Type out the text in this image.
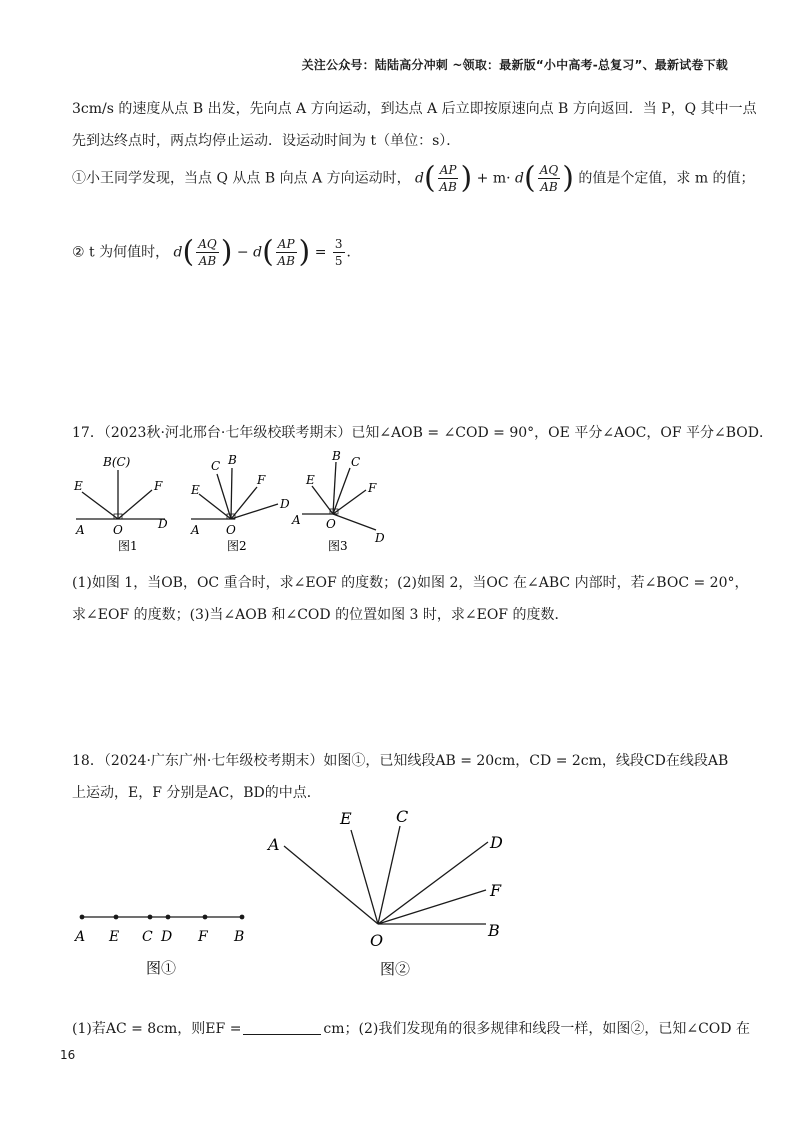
关注公众号：陆陆高分冲刺 ~领取：最新版“小中高考-总复习”、最新试卷下载
3cm/s 的速度从点 B 出发，先向点 A 方向运动，到达点 A 后立即按原速向点 B 方向返回．当 P，Q 其中一点
先到达终点时，两点均停止运动．设运动时间为 t（单位：s）．
①小王同学发现，当点 Q 从点 B 向点 A 方向运动时， $d( \frac{AP}{AB}$ ) + $m\cdot d( \frac{AQ}{AB}$ ) 的值是个定值，求 m 的值；
② t 为何值时， $d( \frac{AQ}{AB}$ ) − $d( \frac{AP}{AB}$ ) = $\frac{3}{5}$ ．
17．（2023秋·河北邢台·七年级校联考期末）已知∠AOB = ∠COD = 90°，OE 平分∠AOC，OF 平分∠BOD．
B(C)
E	F
A O	D
图1
C B
E
F
D
A O
图2
B C
E
F
A O
D
图3
(1)如图 1，当OB，OC 重合时，求∠EOF 的度数；(2)如图 2，当OC 在∠ABC 内部时，若∠BOC = 20°，
求∠EOF 的度数；(3)当∠AOB 和∠COD 的位置如图 3 时，求∠EOF 的度数．
18．（2024·广东广州·七年级校考期末）如图①，已知线段AB = 20cm，CD = 2cm，线段CD在线段AB
上运动，E，F 分别是AC，BD的中点．
A E C D F B
图①
A
E	C
D
F
O
B
图②
(1)若AC = 8cm，则EF =	cm；(2)我们发现角的很多规律和线段一样，如图②，已知∠COD 在
16
